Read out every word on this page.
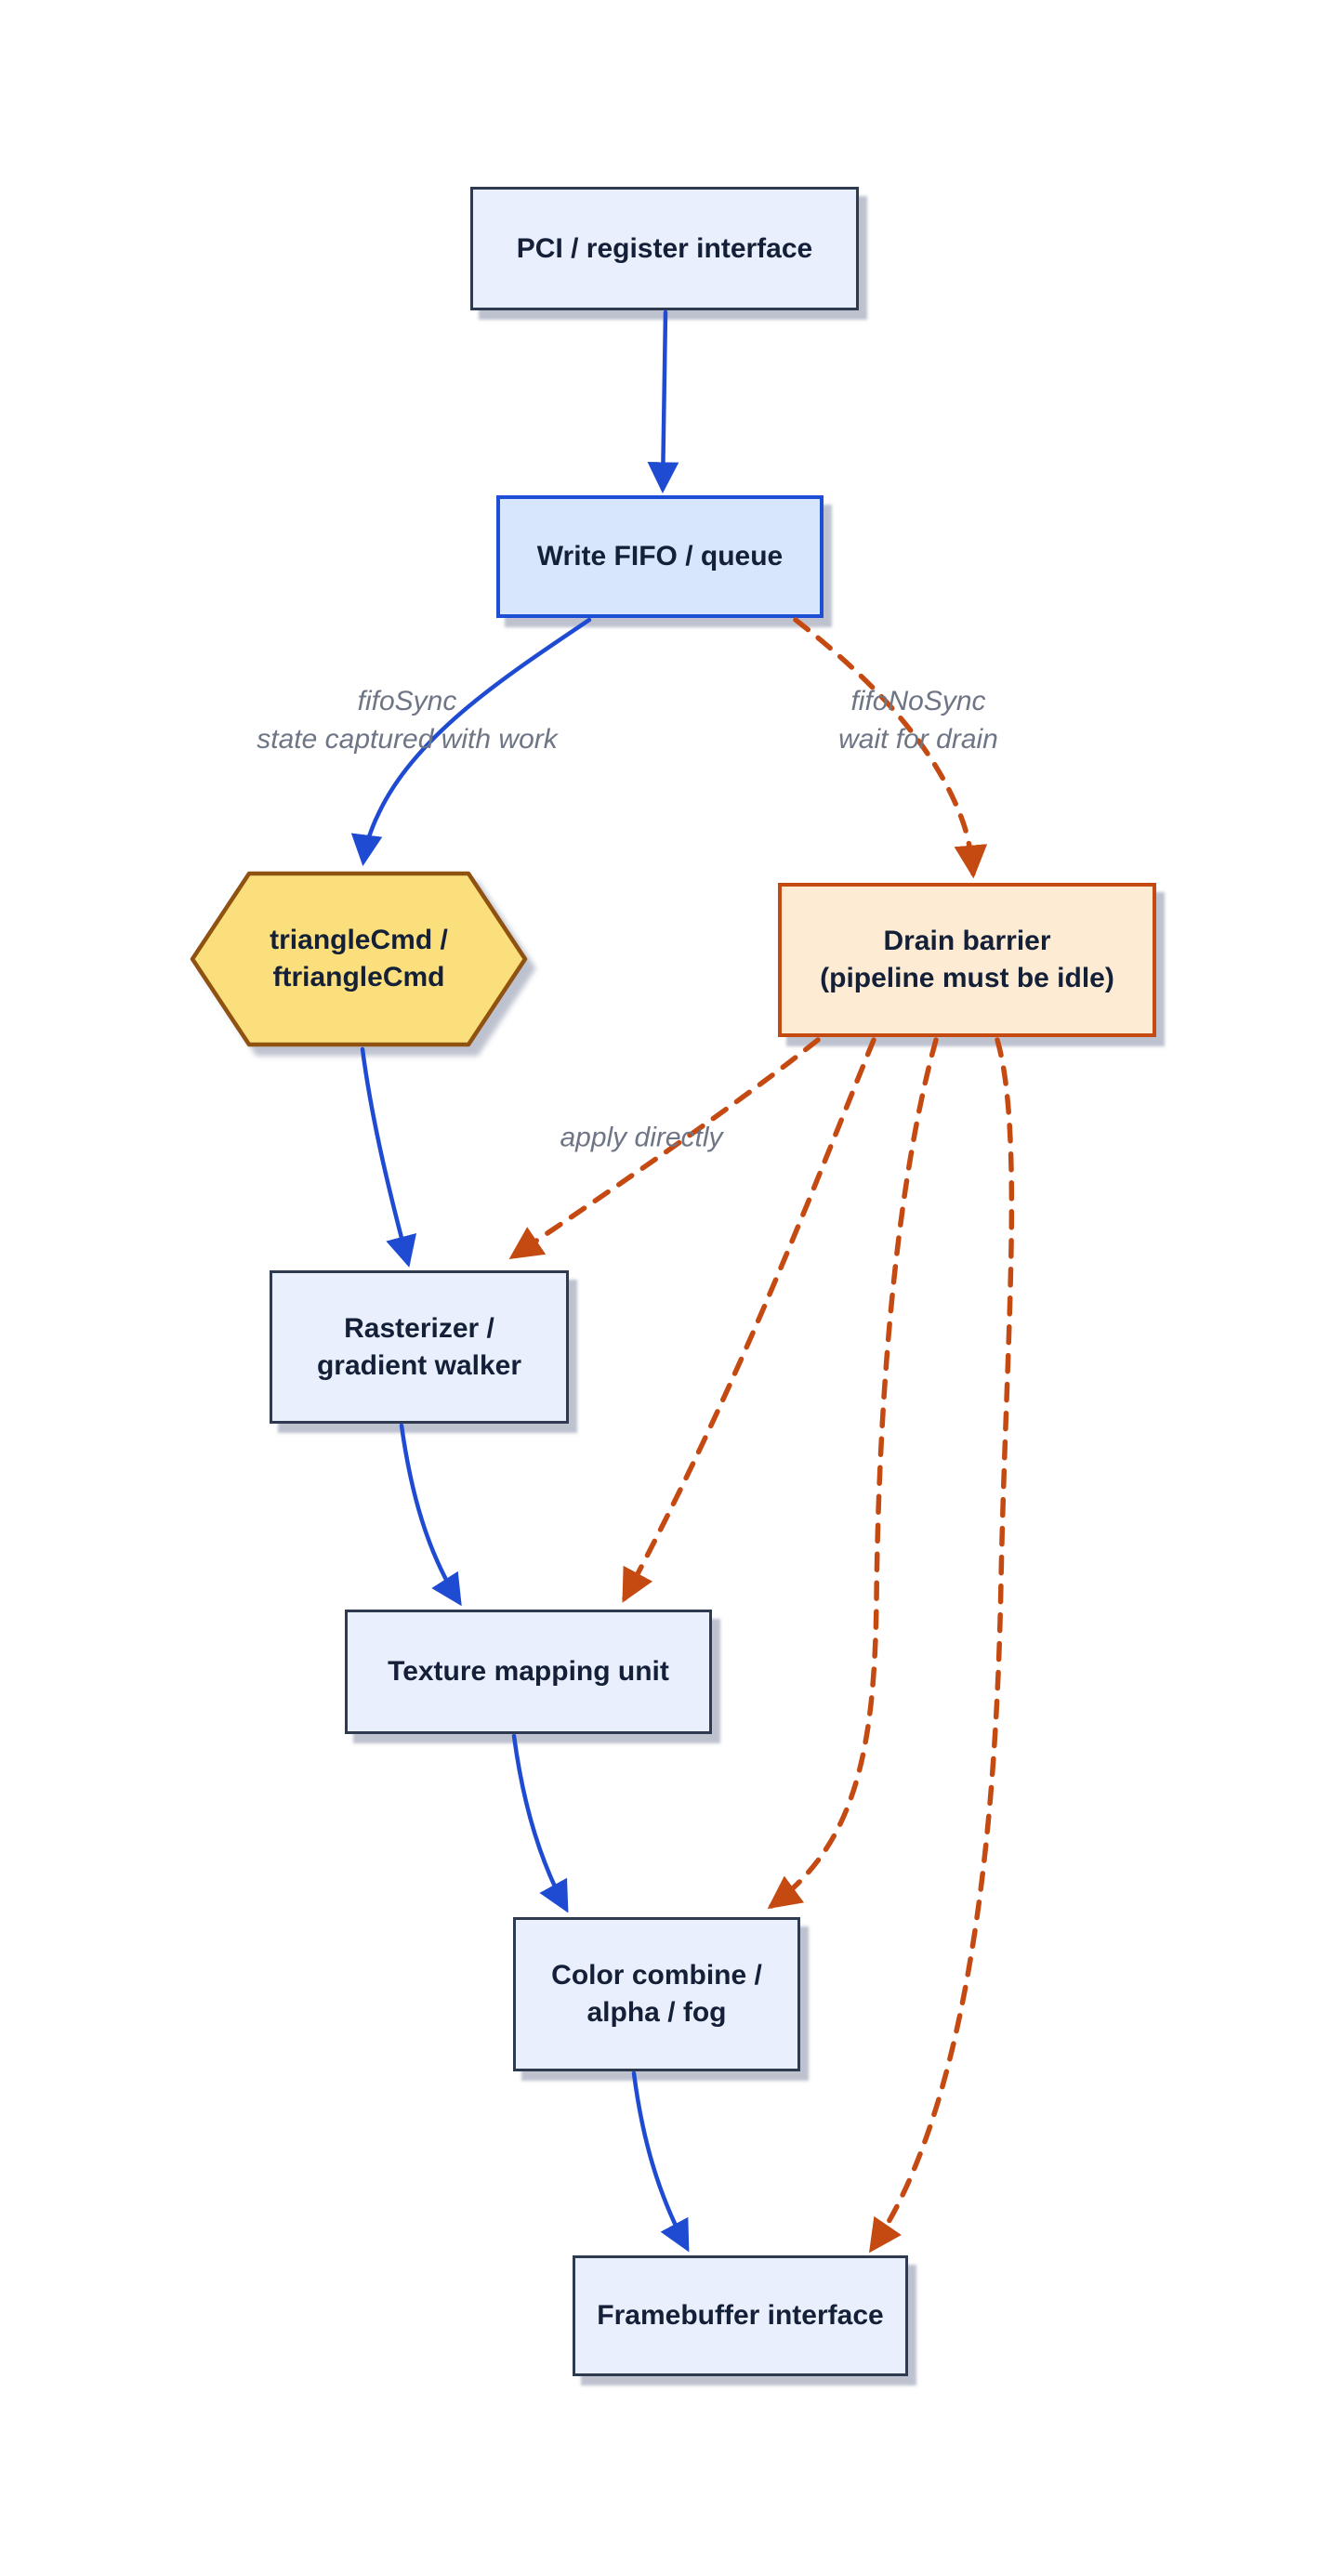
PCI / register interface
Write FIFO / queue
triangleCmd /
ftriangleCmd
Drain barrier
(pipeline must be idle)
Rasterizer /
gradient walker
Texture mapping unit
Color combine /
alpha / fog
Framebuffer interface
fifoSync
state captured with work
fifoNoSync
wait for drain
apply directly
